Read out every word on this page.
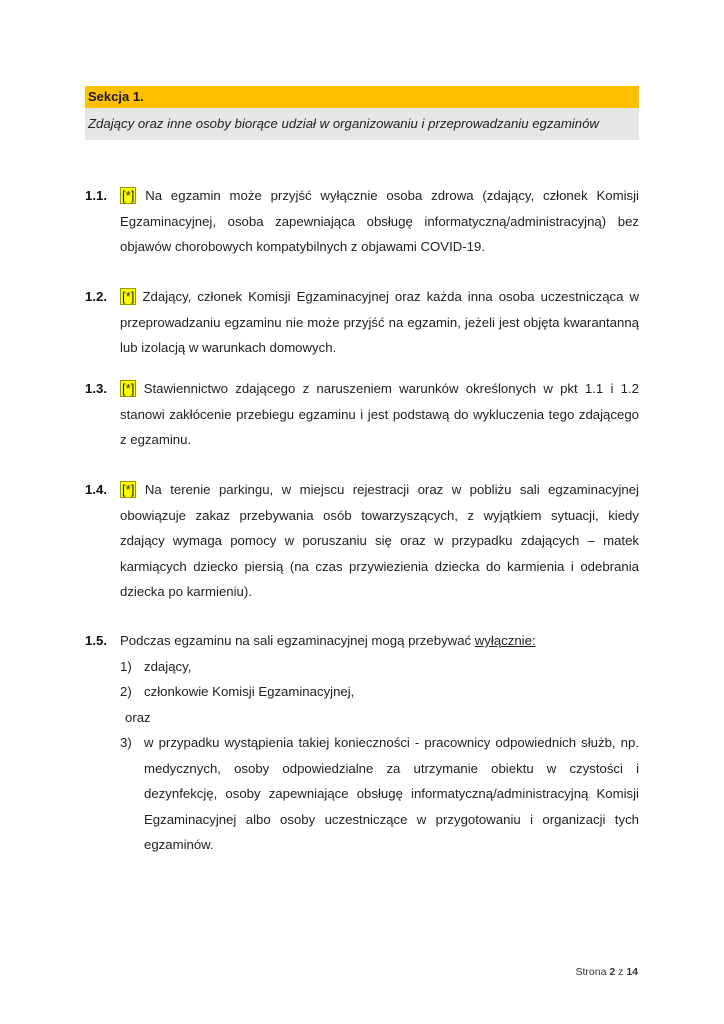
Sekcja 1.
Zdający oraz inne osoby biorące udział w organizowaniu i przeprowadzaniu egzaminów
1.1. [*] Na egzamin może przyjść wyłącznie osoba zdrowa (zdający, członek Komisji Egzaminacyjnej, osoba zapewniająca obsługę informatyczną/administracyjną) bez objawów chorobowych kompatybilnych z objawami COVID-19.
1.2. [*] Zdający, członek Komisji Egzaminacyjnej oraz każda inna osoba uczestnicząca w przeprowadzaniu egzaminu nie może przyjść na egzamin, jeżeli jest objęta kwarantanną lub izolacją w warunkach domowych.
1.3. [*] Stawiennictwo zdającego z naruszeniem warunków określonych w pkt 1.1 i 1.2 stanowi zakłócenie przebiegu egzaminu i jest podstawą do wykluczenia tego zdającego z egzaminu.
1.4. [*] Na terenie parkingu, w miejscu rejestracji oraz w pobliżu sali egzaminacyjnej obowiązuje zakaz przebywania osób towarzyszących, z wyjątkiem sytuacji, kiedy zdający wymaga pomocy w poruszaniu się oraz w przypadku zdających – matek karmiących dziecko piersią (na czas przywiezienia dziecka do karmienia i odebrania dziecka po karmieniu).
1.5. Podczas egzaminu na sali egzaminacyjnej mogą przebywać wyłącznie:
1) zdający,
2) członkowie Komisji Egzaminacyjnej,
oraz
3) w przypadku wystąpienia takiej konieczności - pracownicy odpowiednich służb, np. medycznych, osoby odpowiedzialne za utrzymanie obiektu w czystości i dezynfekcję, osoby zapewniające obsługę informatyczną/administracyjną Komisji Egzaminacyjnej albo osoby uczestniczące w przygotowaniu i organizacji tych egzaminów.
Strona 2 z 14
